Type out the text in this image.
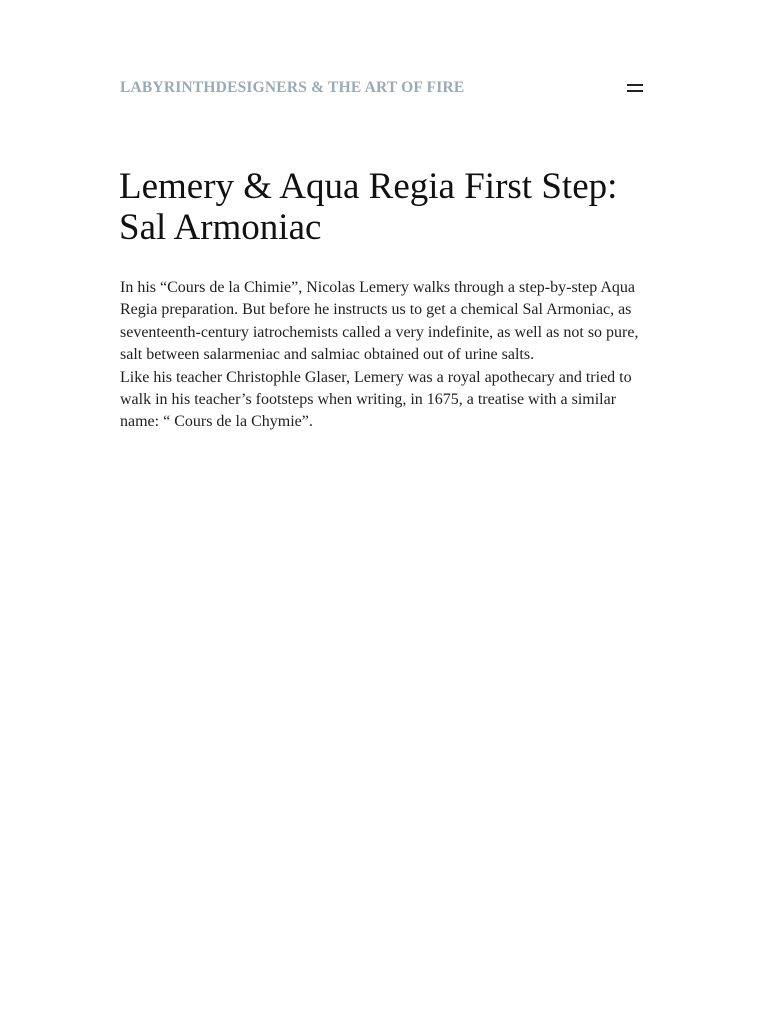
LABYRINTHDESIGNERS & THE ART OF FIRE
Lemery & Aqua Regia First Step: Sal Armoniac

In his “Cours de la Chimie”, Nicolas Lemery walks through a step-by-step Aqua Regia preparation. But before he instructs us to get a chemical Sal Armoniac, as seventeenth-century iatrochemists called a very indefinite, as well as not so pure, salt between salarmeniac and salmiac obtained out of urine salts.

Like his teacher Christophle Glaser, Lemery was a royal apothecary and tried to walk in his teacher’s footsteps when writing, in 1675, a treatise with a similar name: “ Cours de la Chymie”.
